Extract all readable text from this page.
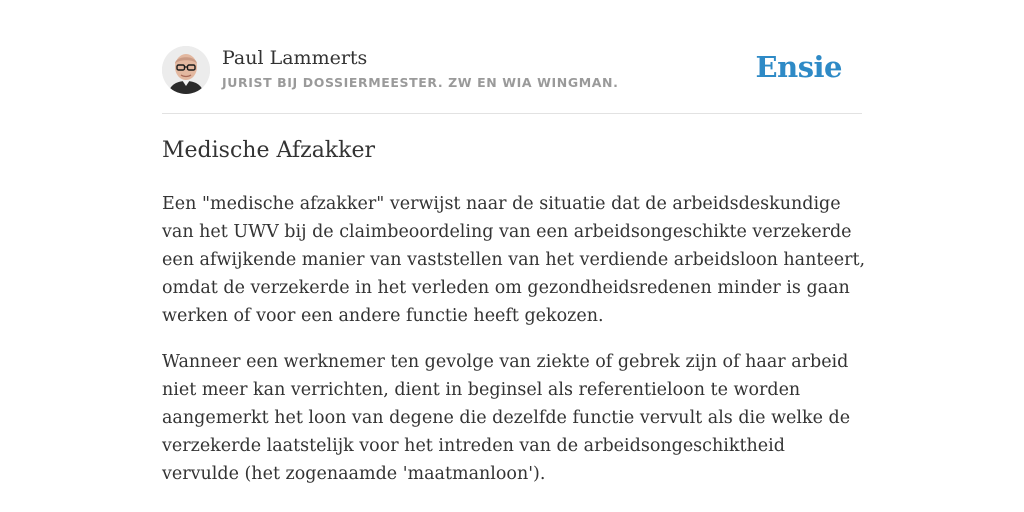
Paul Lammerts
JURIST BIJ DOSSIERMEESTER. ZW EN WIA WINGMAN.	Ensie
Medische Afzakker

Een "medische afzakker" verwijst naar de situatie dat de arbeidsdeskundige van het UWV bij de claimbeoordeling van een arbeidsongeschikte verzekerde een afwijkende manier van vaststellen van het verdiende arbeidsloon hanteert, omdat de verzekerde in het verleden om gezondheidsredenen minder is gaan werken of voor een andere functie heeft gekozen.

Wanneer een werknemer ten gevolge van ziekte of gebrek zijn of haar arbeid niet meer kan verrichten, dient in beginsel als referentieloon te worden aangemerkt het loon van degene die dezelfde functie vervult als die welke de verzekerde laatstelijk voor het intreden van de arbeidsongeschiktheid vervulde (het zogenaamde 'maatmanloon').
